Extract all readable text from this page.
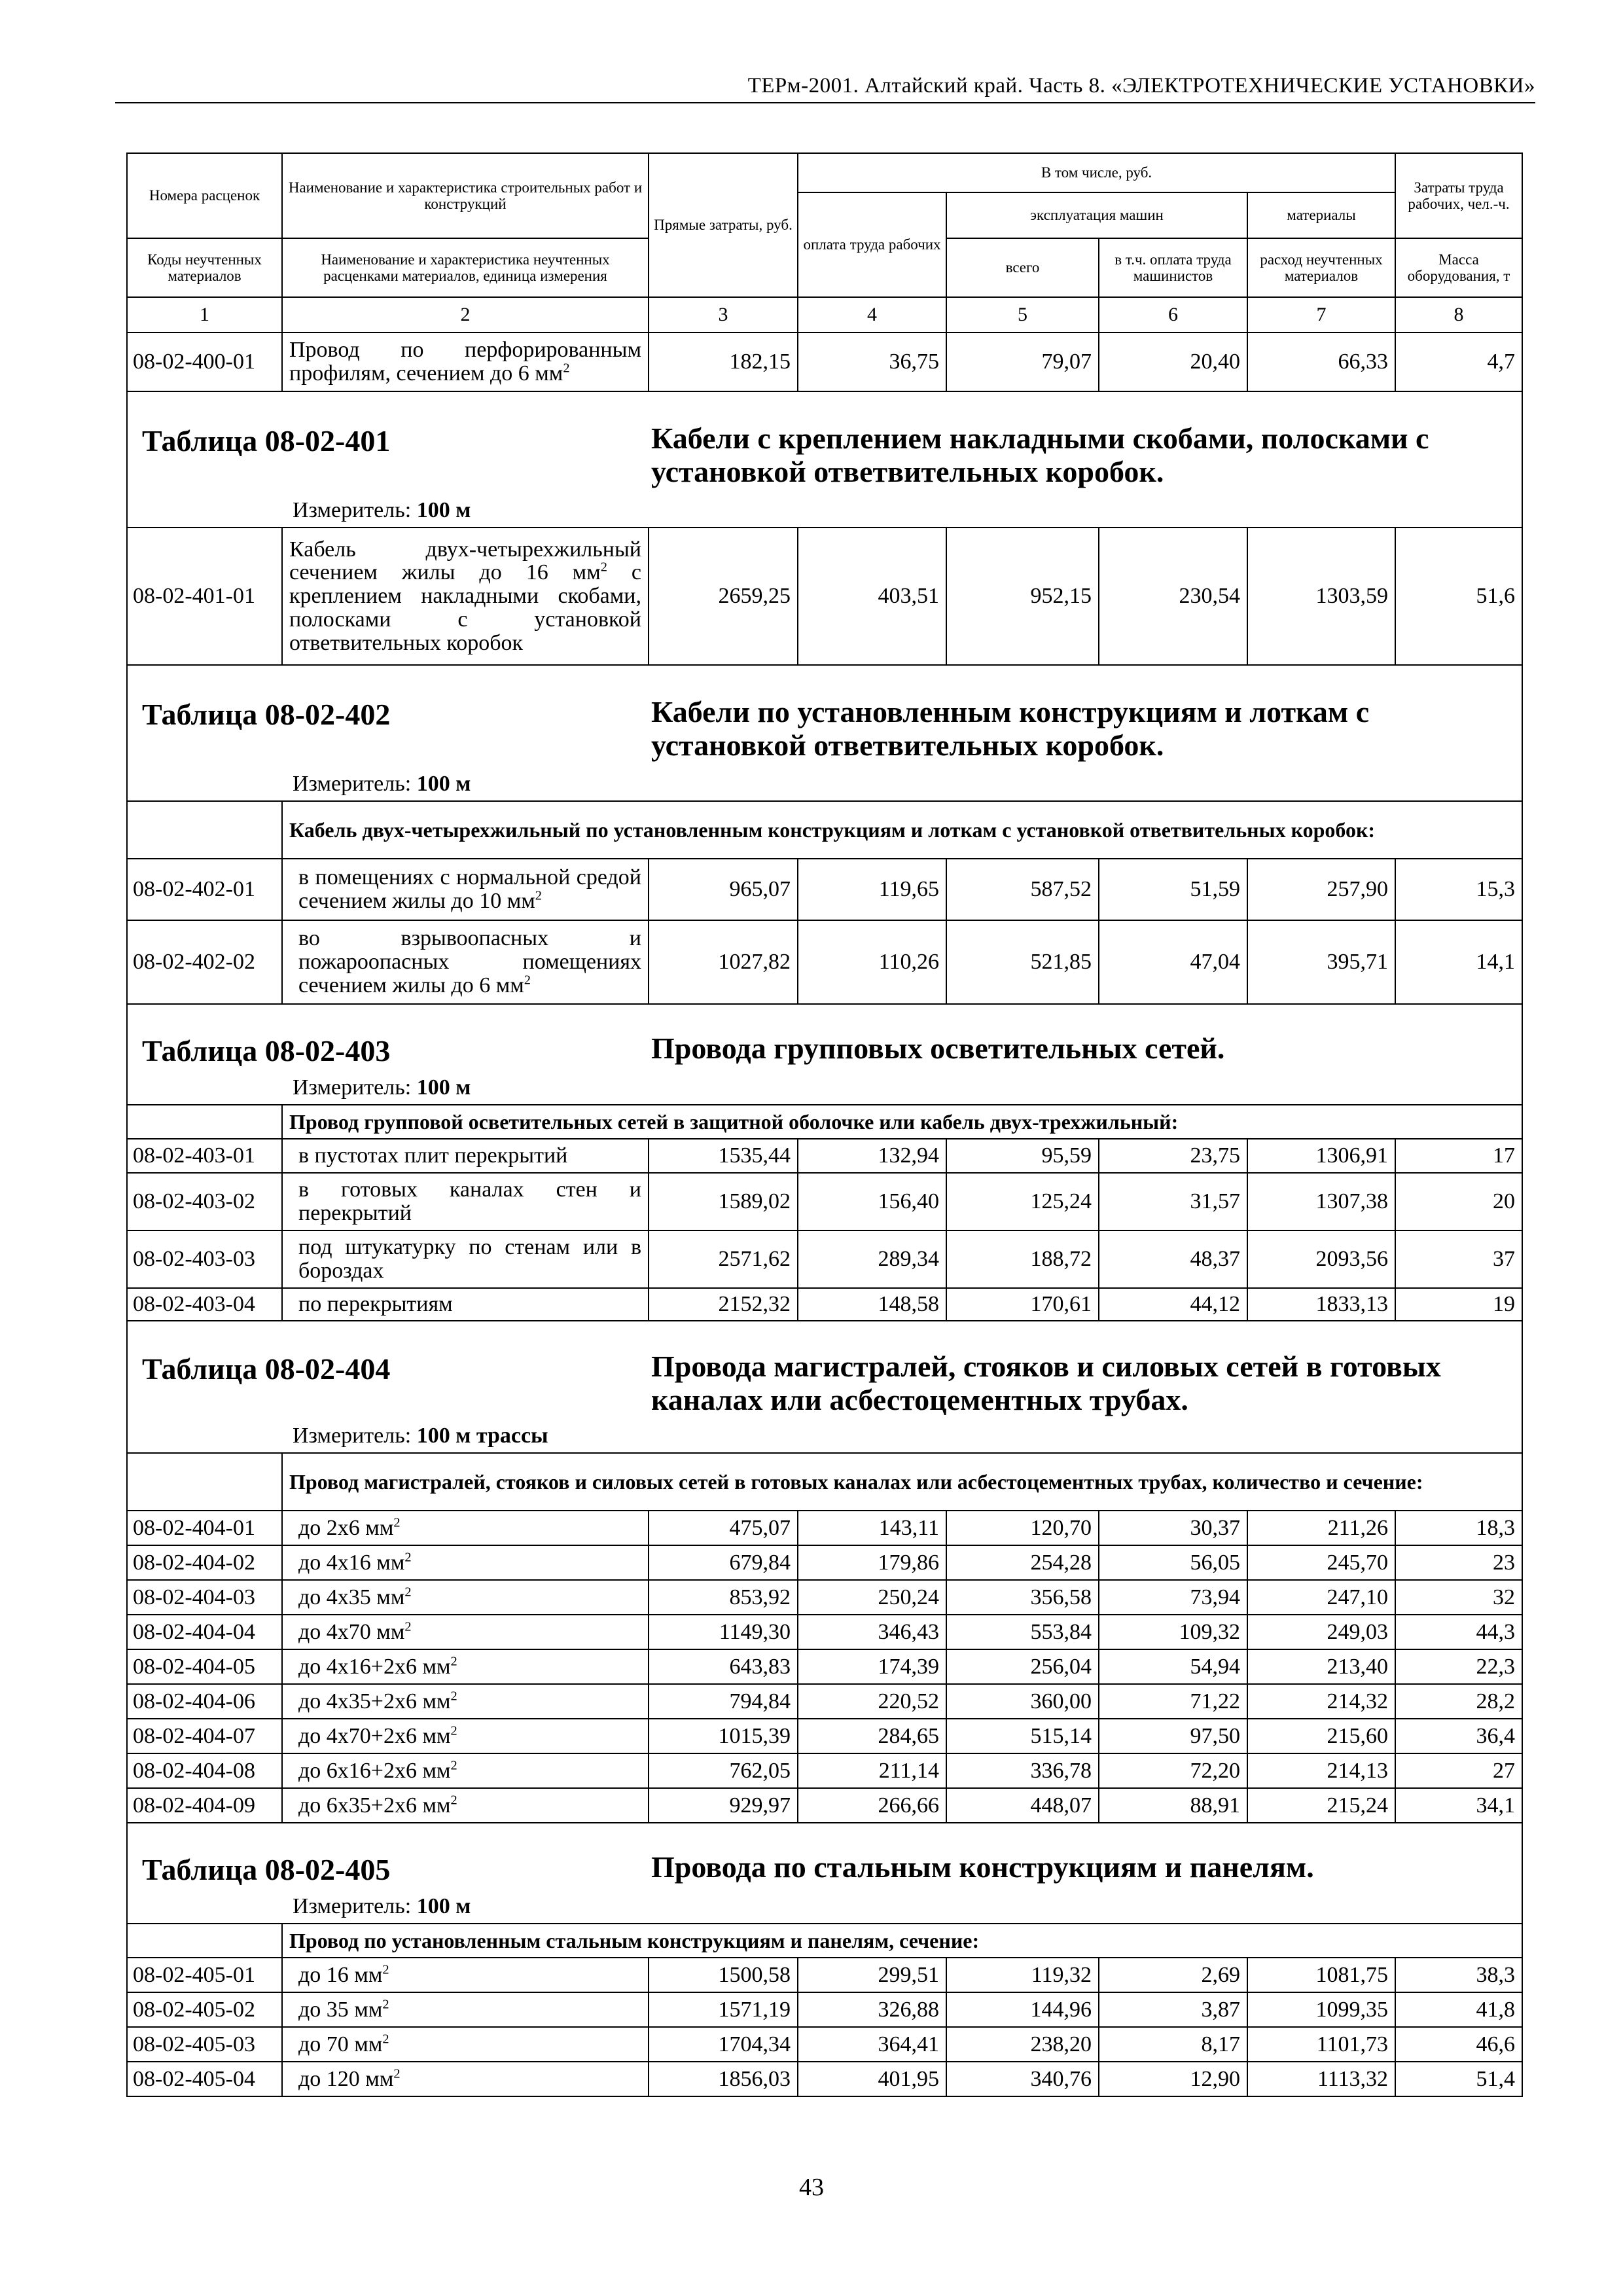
ТЕРм-2001. Алтайский край. Часть 8. «ЭЛЕКТРОТЕХНИЧЕСКИЕ УСТАНОВКИ»
Номера расценок	Наименование и характеристика строительных работ и конструкций	Прямые затраты, руб.	В том числе, руб.				Затраты труда рабочих, чел.-ч.
			оплата труда рабочих	эксплуатация машин		материалы	
Коды неучтенных материалов	Наименование и характеристика неучтенных расценками материалов, единица измерения			всего	в т.ч. оплата труда машинистов	расход неучтенных материалов	Масса оборудования, т
1	2	3	4	5	6	7	8
08-02-400-01	Провод по перфорированным профилям, сечением до 6 $мм^2$	182,15	36,75	79,07	20,40	66,33	4,7

Таблица 08-02-401 Кабели с креплением накладными скобами, полосками с установкой ответвительных коробок.
Измеритель: 100 м							

08-02-401-01	Кабель двух-четырехжильный сечением жилы до 16 $мм^2$ с креплением накладными скобами, полосками с установкой ответвительных коробок	2659,25	403,51	952,15	230,54	1303,59	51,6

Таблица 08-02-402 Кабели по установленным конструкциям и лоткам с установкой ответвительных коробок.
Измеритель: 100 м							

	Кабель двух-четырехжильный по установленным конструкциям и лоткам с установкой ответвительных коробок:						
08-02-402-01	в помещениях с нормальной средой сечением жилы до 10 $мм^2$	965,07	119,65	587,52	51,59	257,90	15,3
08-02-402-02	во взрывоопасных и пожароопасных помещениях сечением жилы до 6 $мм^2$	1027,82	110,26	521,85	47,04	395,71	14,1

Таблица 08-02-403 Провода групповых осветительных сетей.
Измеритель: 100 м							

	Провод групповой осветительных сетей в защитной оболочке или кабель двух-трехжильный:						
08-02-403-01	в пустотах плит перекрытий	1535,44	132,94	95,59	23,75	1306,91	17
08-02-403-02	в готовых каналах стен и перекрытий	1589,02	156,40	125,24	31,57	1307,38	20
08-02-403-03	под штукатурку по стенам или в бороздах	2571,62	289,34	188,72	48,37	2093,56	37
08-02-403-04	по перекрытиям	2152,32	148,58	170,61	44,12	1833,13	19

Таблица 08-02-404 Провода магистралей, стояков и силовых сетей в готовых каналах или асбестоцементных трубах.
Измеритель: 100 м трассы							

	Провод магистралей, стояков и силовых сетей в готовых каналах или асбестоцементных трубах, количество и сечение:						
08-02-404-01	до 2х6 $мм^2$	475,07	143,11	120,70	30,37	211,26	18,3
08-02-404-02	до 4х16 $мм^2$	679,84	179,86	254,28	56,05	245,70	23
08-02-404-03	до 4х35 $мм^2$	853,92	250,24	356,58	73,94	247,10	32
08-02-404-04	до 4х70 $мм^2$	1149,30	346,43	553,84	109,32	249,03	44,3
08-02-404-05	до 4х16+2х6 $мм^2$	643,83	174,39	256,04	54,94	213,40	22,3
08-02-404-06	до 4х35+2х6 $мм^2$	794,84	220,52	360,00	71,22	214,32	28,2
08-02-404-07	до 4х70+2х6 $мм^2$	1015,39	284,65	515,14	97,50	215,60	36,4
08-02-404-08	до 6х16+2х6 $мм^2$	762,05	211,14	336,78	72,20	214,13	27
08-02-404-09	до 6х35+2х6 $мм^2$	929,97	266,66	448,07	88,91	215,24	34,1

Таблица 08-02-405 Провода по стальным конструкциям и панелям.
Измеритель: 100 м							

	Провод по установленным стальным конструкциям и панелям, сечение:						
08-02-405-01	до 16 $мм^2$	1500,58	299,51	119,32	2,69	1081,75	38,3
08-02-405-02	до 35 $мм^2$	1571,19	326,88	144,96	3,87	1099,35	41,8
08-02-405-03	до 70 $мм^2$	1704,34	364,41	238,20	8,17	1101,73	46,6
08-02-405-04	до 120 $мм^2$	1856,03	401,95	340,76	12,90	1113,32	51,4
43
